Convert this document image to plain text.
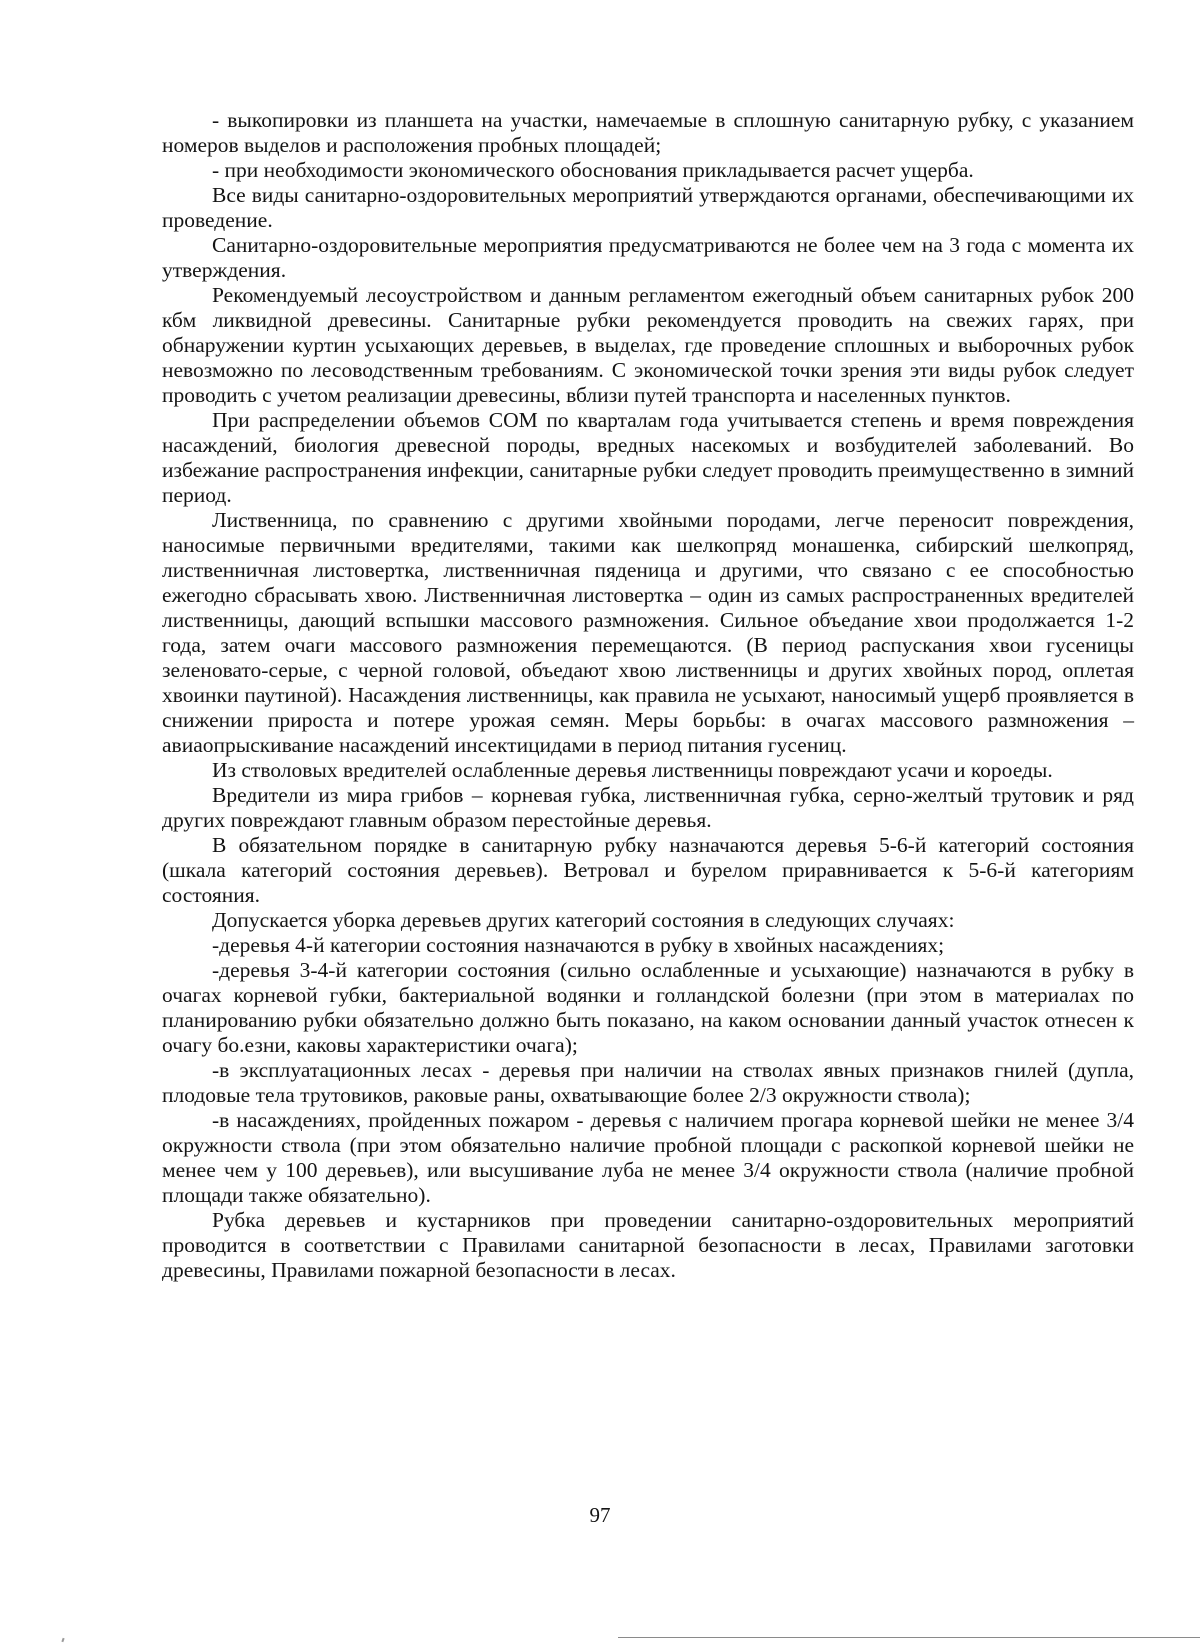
- выкопировки из планшета на участки, намечаемые в сплошную санитарную рубку, с указанием номеров выделов и расположения пробных площадей;

- при необходимости экономического обоснования прикладывается расчет ущерба.

Все виды санитарно-оздоровительных мероприятий утверждаются органами, обеспечивающими их проведение.

Санитарно-оздоровительные мероприятия предусматриваются не более чем на 3 года с момента их утверждения.

Рекомендуемый лесоустройством и данным регламентом ежегодный объем санитарных рубок 200 кбм ликвидной древесины. Санитарные рубки рекомендуется проводить на свежих гарях, при обнаружении куртин усыхающих деревьев, в выделах, где проведение сплошных и выборочных рубок невозможно по лесоводственным требованиям. С экономической точки зрения эти виды рубок следует проводить с учетом реализации древесины, вблизи путей транспорта и населенных пунктов.

При распределении объемов СОМ по кварталам года учитывается степень и время повреждения насаждений, биология древесной породы, вредных насекомых и возбудителей заболеваний. Во избежание распространения инфекции, санитарные рубки следует проводить преимущественно в зимний период.

Лиственница, по сравнению с другими хвойными породами, легче переносит повреждения, наносимые первичными вредителями, такими как шелкопряд монашенка, сибирский шелкопряд, лиственничная листовертка, лиственничная пяденица и другими, что связано с ее способностью ежегодно сбрасывать хвою. Лиственничная листовертка – один из самых распространенных вредителей лиственницы, дающий вспышки массового размножения. Сильное объедание хвои продолжается 1-2 года, затем очаги массового размножения перемещаются. (В период распускания хвои гусеницы зеленовато-серые, с черной головой, объедают хвою лиственницы и других хвойных пород, оплетая хвоинки паутиной). Насаждения лиственницы, как правила не усыхают, наносимый ущерб проявляется в снижении прироста и потере урожая семян. Меры борьбы: в очагах массового размножения – авиаопрыскивание насаждений инсектицидами в период питания гусениц.

Из стволовых вредителей ослабленные деревья лиственницы повреждают усачи и короеды.

Вредители из мира грибов – корневая губка, лиственничная губка, серно-желтый трутовик и ряд других повреждают главным образом перестойные деревья.

В обязательном порядке в санитарную рубку назначаются деревья 5-6-й категорий состояния (шкала категорий состояния деревьев). Ветровал и бурелом приравнивается к 5-6-й категориям состояния.

Допускается уборка деревьев других категорий состояния в следующих случаях:

-деревья 4-й категории состояния назначаются в рубку в хвойных насаждениях;

-деревья 3-4-й категории состояния (сильно ослабленные и усыхающие) назначаются в рубку в очагах корневой губки, бактериальной водянки и голландской болезни (при этом в материалах по планированию рубки обязательно должно быть показано, на каком основании данный участок отнесен к очагу бо.езни, каковы характеристики очага);

-в эксплуатационных лесах - деревья при наличии на стволах явных признаков гнилей (дупла, плодовые тела трутовиков, раковые раны, охватывающие более 2/3 окружности ствола);

-в насаждениях, пройденных пожаром - деревья с наличием прогара корневой шейки не менее 3/4 окружности ствола (при этом обязательно наличие пробной площади с раскопкой корневой шейки не менее чем у 100 деревьев), или высушивание луба не менее 3/4 окружности ствола (наличие пробной площади также обязательно).

Рубка деревьев и кустарников при проведении санитарно-оздоровительных мероприятий проводится в соответствии с Правилами санитарной безопасности в лесах, Правилами заготовки древесины, Правилами пожарной безопасности в лесах.

97
